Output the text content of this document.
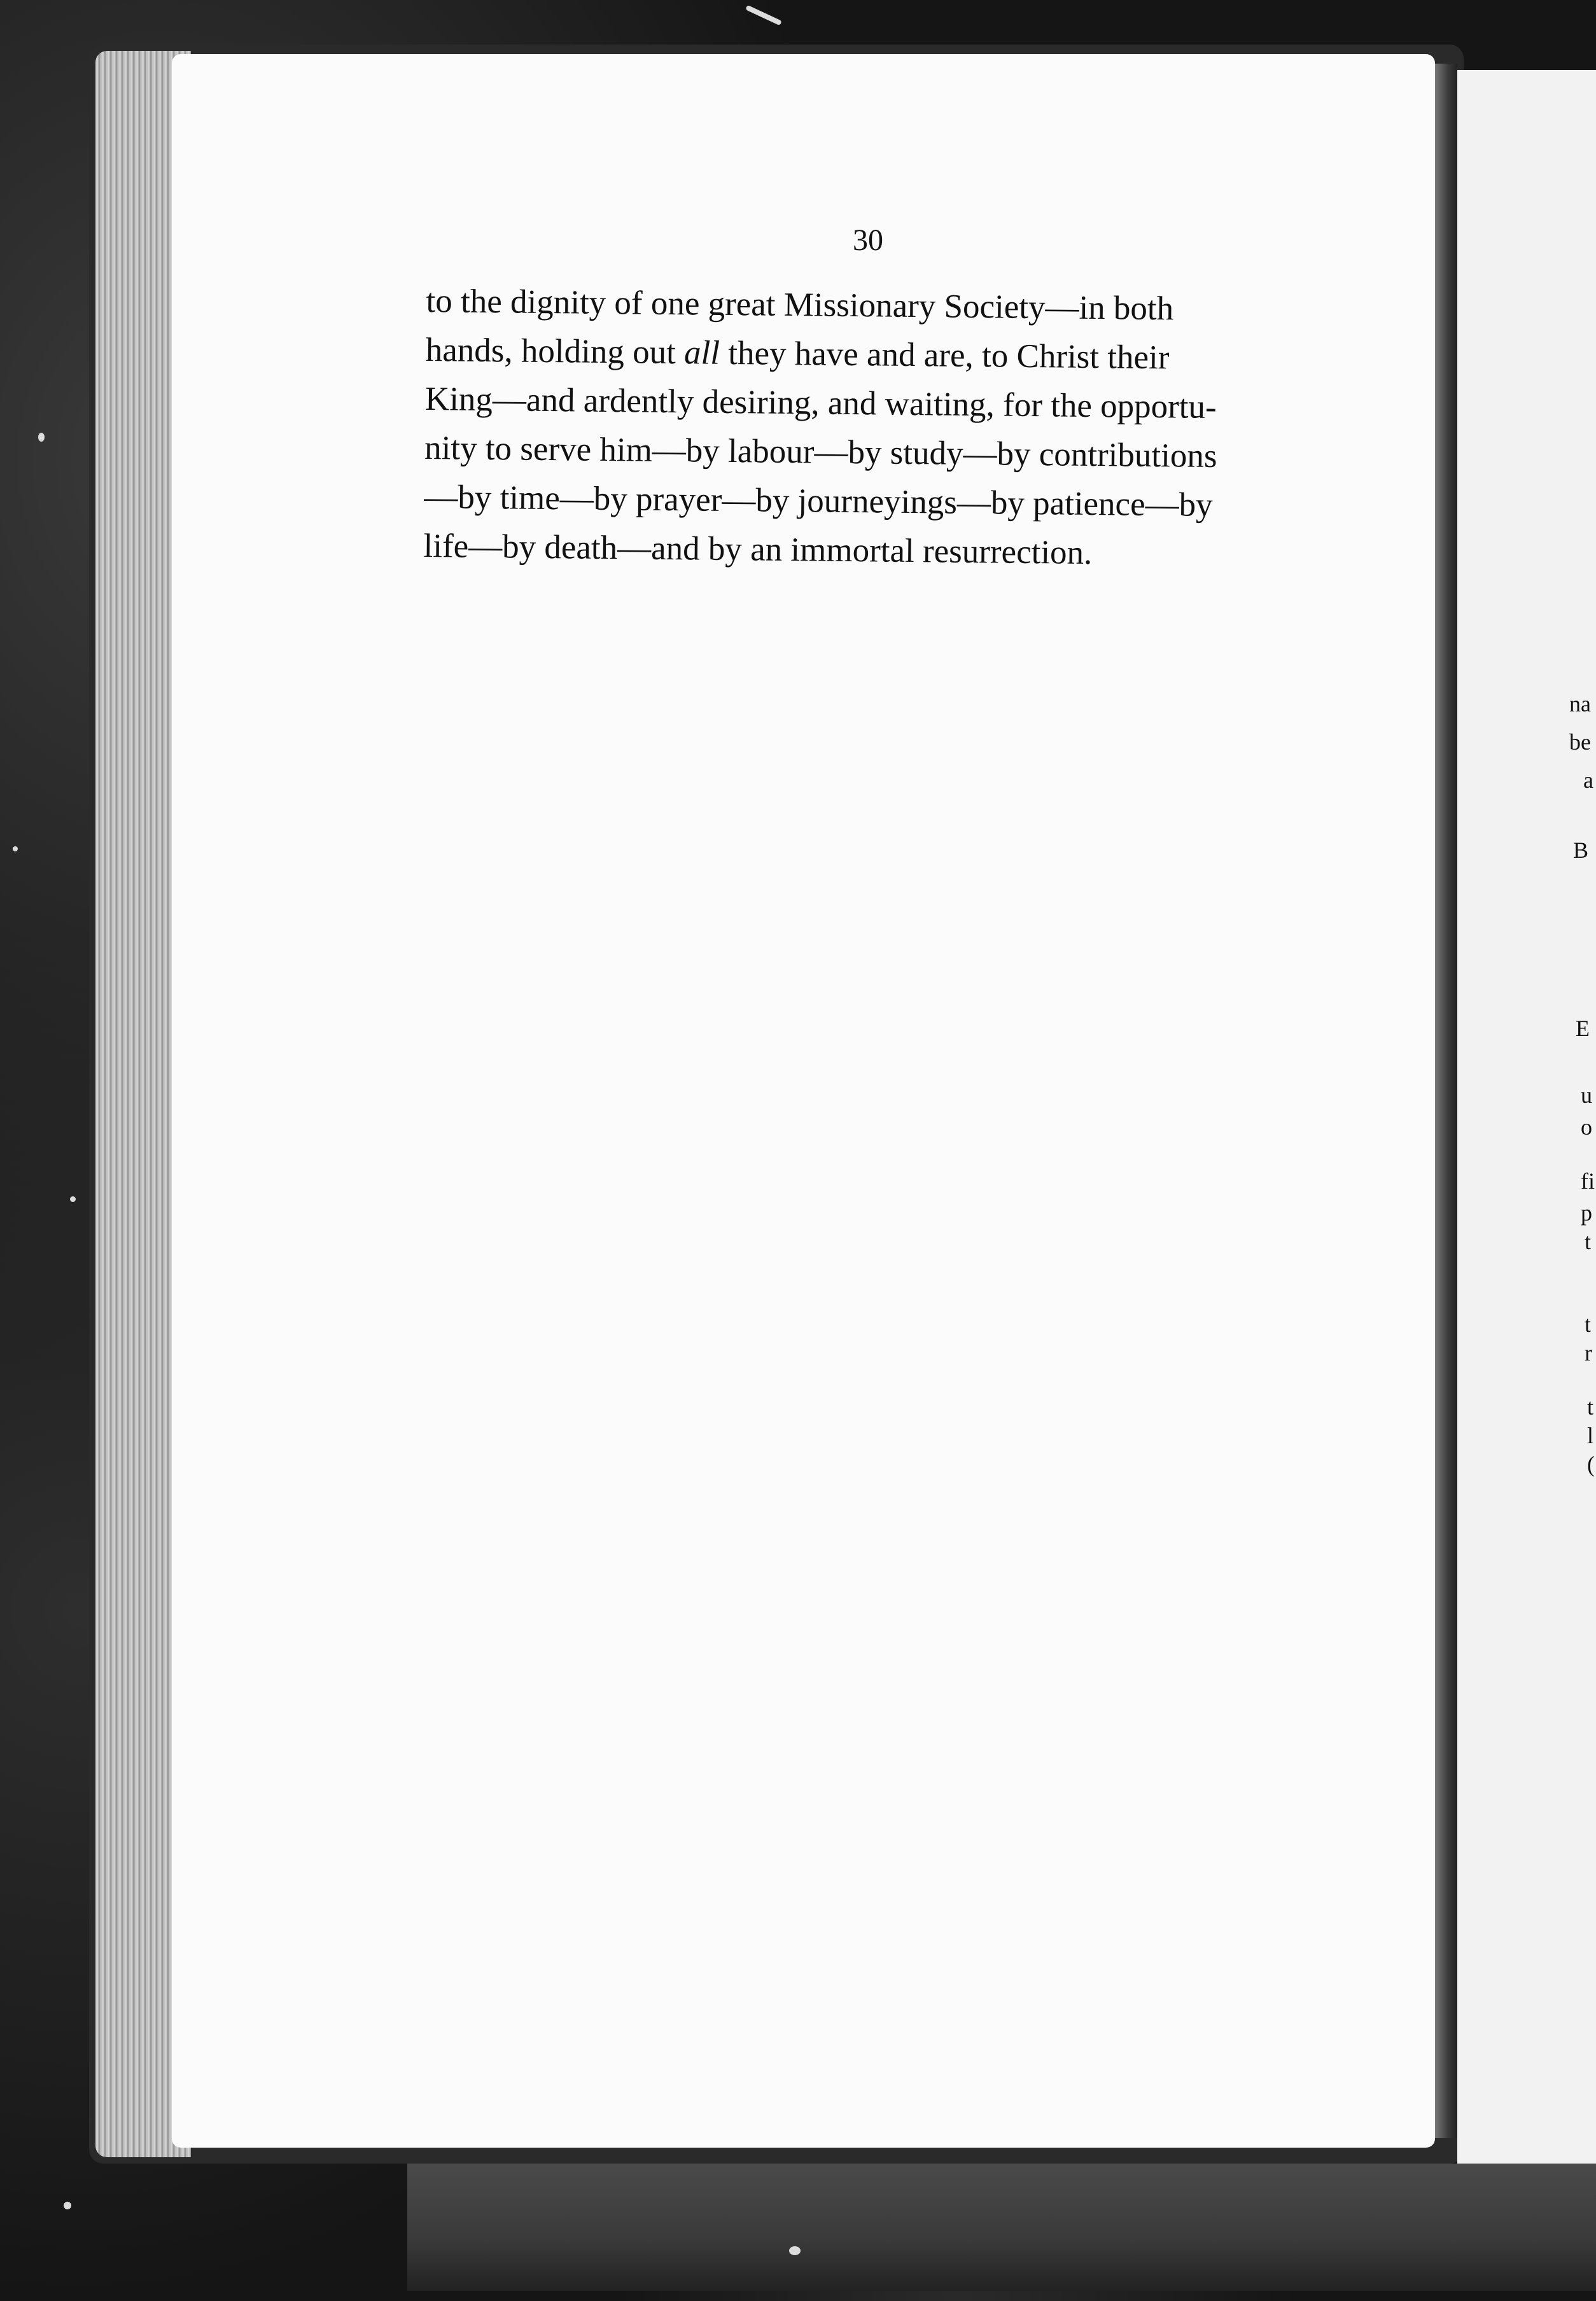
30
to the dignity of one great Missionary Society—in both
hands, holding out all they have and are, to Christ their
King—and ardently desiring, and waiting, for the opportu-
nity to serve him—by labour—by study—by contributions
—by time—by prayer—by journeyings—by patience—by
life—by death—and by an immortal resurrection.
na
be
a
B
E
u
o
fi
p
t
t
r
t
l
(
